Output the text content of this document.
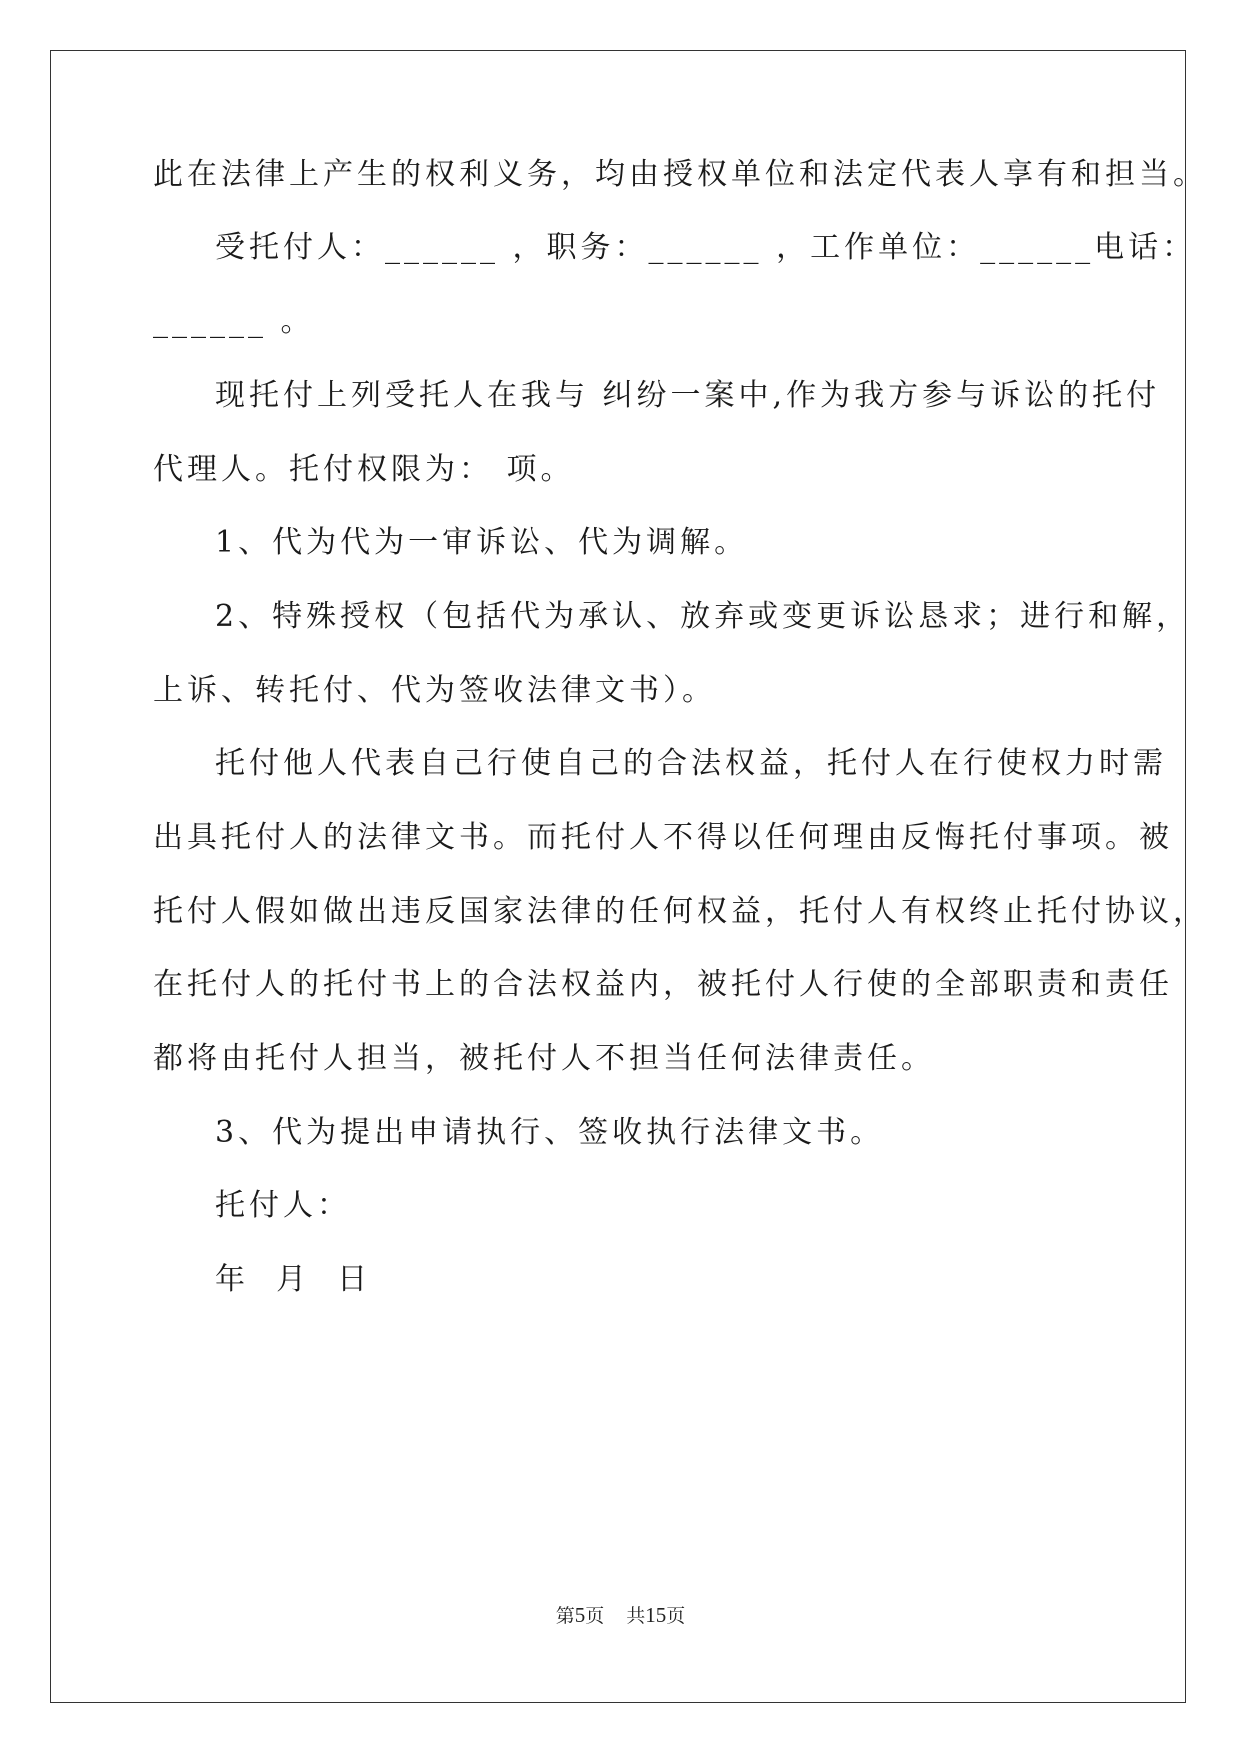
此在法律上产生的权利义务，均由授权单位和法定代表人享有和担当。

受托付人：______ ，职务：______ ，工作单位：______电话：

______ 。

现托付上列受托人在我与 纠纷一案中,作为我方参与诉讼的托付

代理人。托付权限为： 项。

1、代为代为一审诉讼、代为调解。

2、特殊授权（包括代为承认、放弃或变更诉讼恳求；进行和解，

上诉、转托付、代为签收法律文书）。

托付他人代表自己行使自己的合法权益，托付人在行使权力时需

出具托付人的法律文书。而托付人不得以任何理由反悔托付事项。被

托付人假如做出违反国家法律的任何权益，托付人有权终止托付协议，

在托付人的托付书上的合法权益内，被托付人行使的全部职责和责任

都将由托付人担当，被托付人不担当任何法律责任。

3、代为提出申请执行、签收执行法律文书。

托付人：

年  月  日

第5页 共15页
